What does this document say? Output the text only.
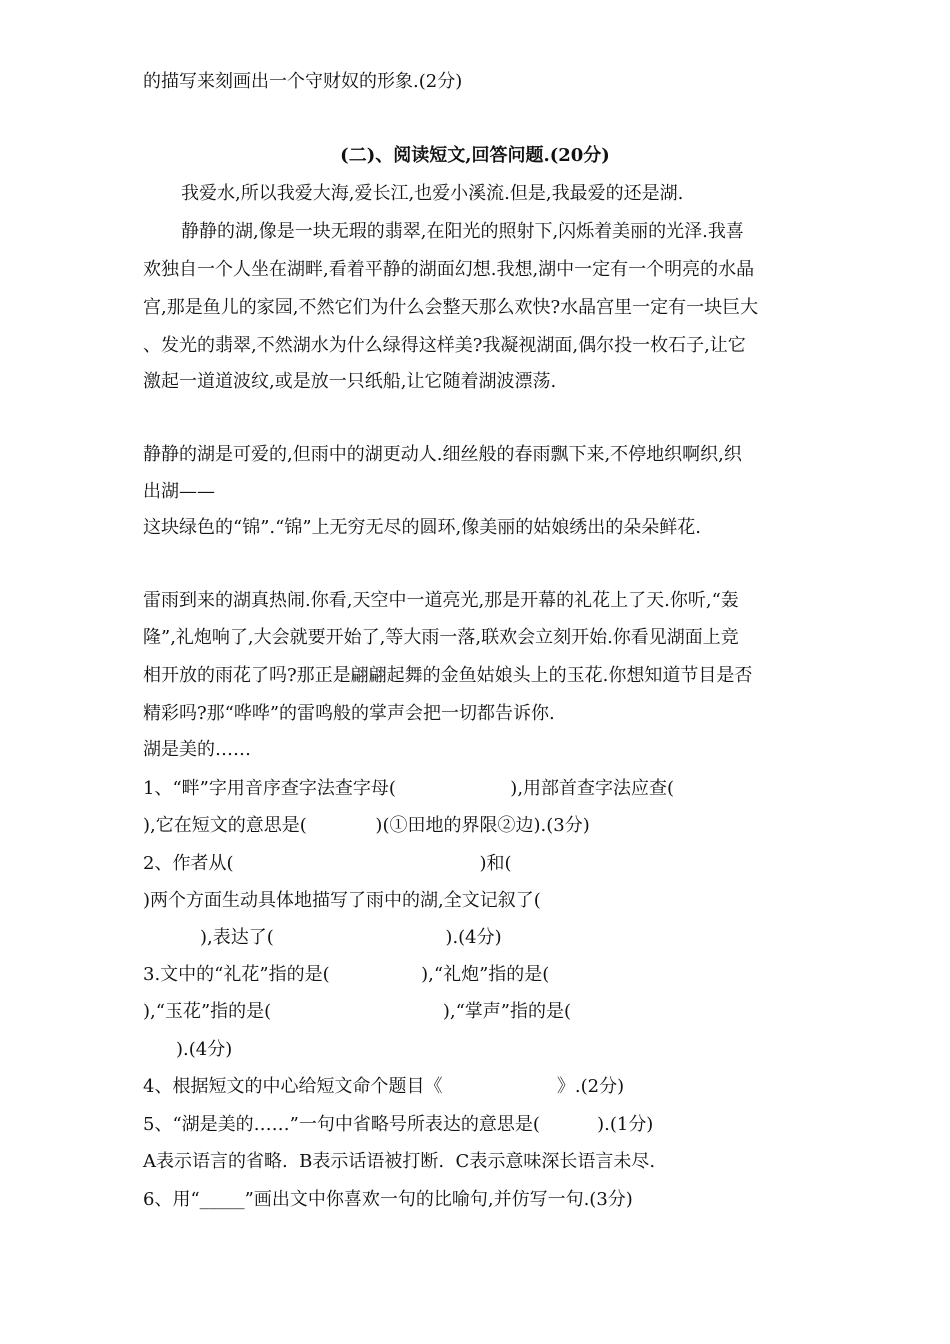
的描写来刻画出一个守财奴的形象.(2分)

(二)、阅读短文,回答问题.(20分)

我爱水,所以我爱大海,爱长江,也爱小溪流.但是,我最爱的还是湖.

静静的湖,像是一块无瑕的翡翠,在阳光的照射下,闪烁着美丽的光泽.我喜

欢独自一个人坐在湖畔,看着平静的湖面幻想.我想,湖中一定有一个明亮的水晶

宫,那是鱼儿的家园,不然它们为什么会整天那么欢快?水晶宫里一定有一块巨大

、发光的翡翠,不然湖水为什么绿得这样美?我凝视湖面,偶尔投一枚石子,让它

激起一道道波纹,或是放一只纸船,让它随着湖波漂荡.

静静的湖是可爱的,但雨中的湖更动人.细丝般的春雨飘下来,不停地织啊织,织

出湖——

这块绿色的“锦”.“锦”上无穷无尽的圆环,像美丽的姑娘绣出的朵朵鲜花.

雷雨到来的湖真热闹.你看,天空中一道亮光,那是开幕的礼花上了天.你听,“轰

隆”,礼炮响了,大会就要开始了,等大雨一落,联欢会立刻开始.你看见湖面上竞

相开放的雨花了吗?那正是翩翩起舞的金鱼姑娘头上的玉花.你想知道节目是否

精彩吗?那“哗哗”的雷鸣般的掌声会把一切都告诉你.

湖是美的……

1、“畔”字用音序查字法查字母(                    ),用部首查字法应查(

),它在短文的意思是(            )(①田地的界限②边).(3分)

2、作者从(                                           )和(

)两个方面生动具体地描写了雨中的湖,全文记叙了(

),表达了(                              ).(4分)

3.文中的“礼花”指的是(                ),“礼炮”指的是(

),“玉花”指的是(                              ),“掌声”指的是(

).(4分)

4、根据短文的中心给短文命个题目《                    》.(2分)

5、“湖是美的……”一句中省略号所表达的意思是(          ).(1分)

A表示语言的省略.  B表示话语被打断.  C表示意味深长语言未尽.

6、用“_____”画出文中你喜欢一句的比喻句,并仿写一句.(3分)
